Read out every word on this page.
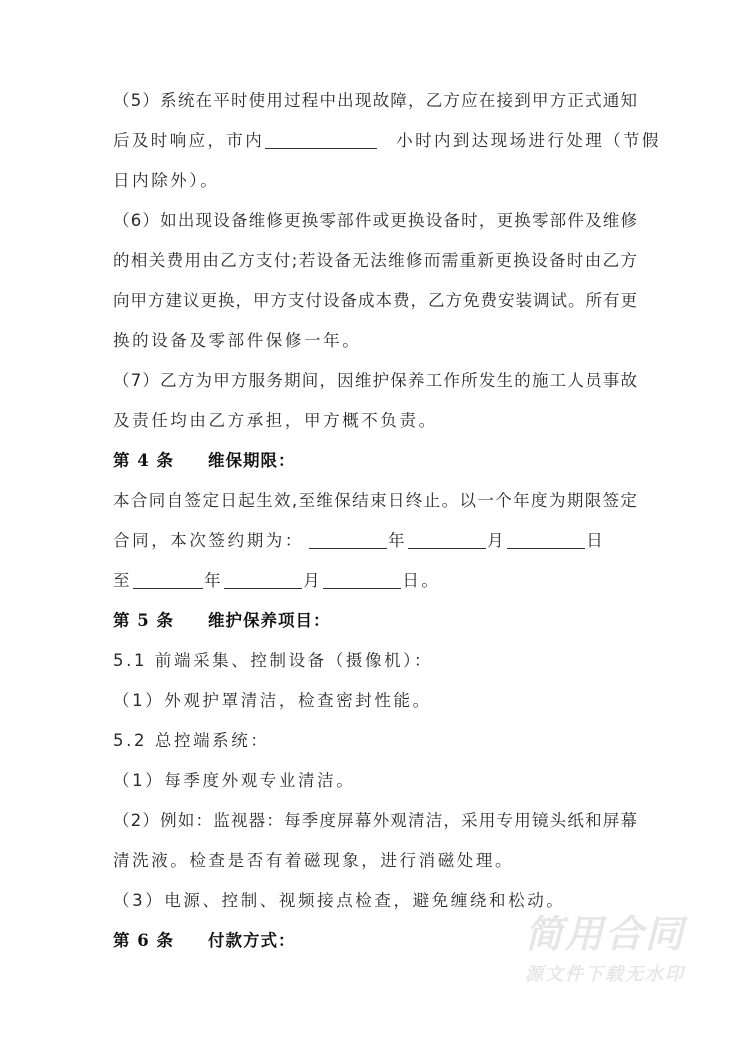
（5）系统在平时使用过程中出现故障，乙方应在接到甲方正式通知
后及时响应，市内	小时内到达现场进行处理（节假
日内除外）。
（6）如出现设备维修更换零部件或更换设备时，更换零部件及维修
的相关费用由乙方支付;若设备无法维修而需重新更换设备时由乙方
向甲方建议更换，甲方支付设备成本费，乙方免费安装调试。所有更
换的设备及零部件保修一年。
（7）乙方为甲方服务期间，因维护保养工作所发生的施工人员事故
及责任均由乙方承担，甲方概不负责。
第 4 条 维保期限：
本合同自签定日起生效,至维保结束日终止。以一个年度为期限签定
合同，本次签约期为：	年	月	日
至	年	月	日。
第 5 条 维护保养项目：
5.1 前端采集、控制设备（摄像机）：
（1）外观护罩清洁，检查密封性能。
5.2 总控端系统：
（1）每季度外观专业清洁。
（2）例如：监视器：每季度屏幕外观清洁，采用专用镜头纸和屏幕
清洗液。检查是否有着磁现象，进行消磁处理。
（3）电源、控制、视频接点检查，避免缠绕和松动。
第 6 条 付款方式：	简用合同
源文件下载无水印
